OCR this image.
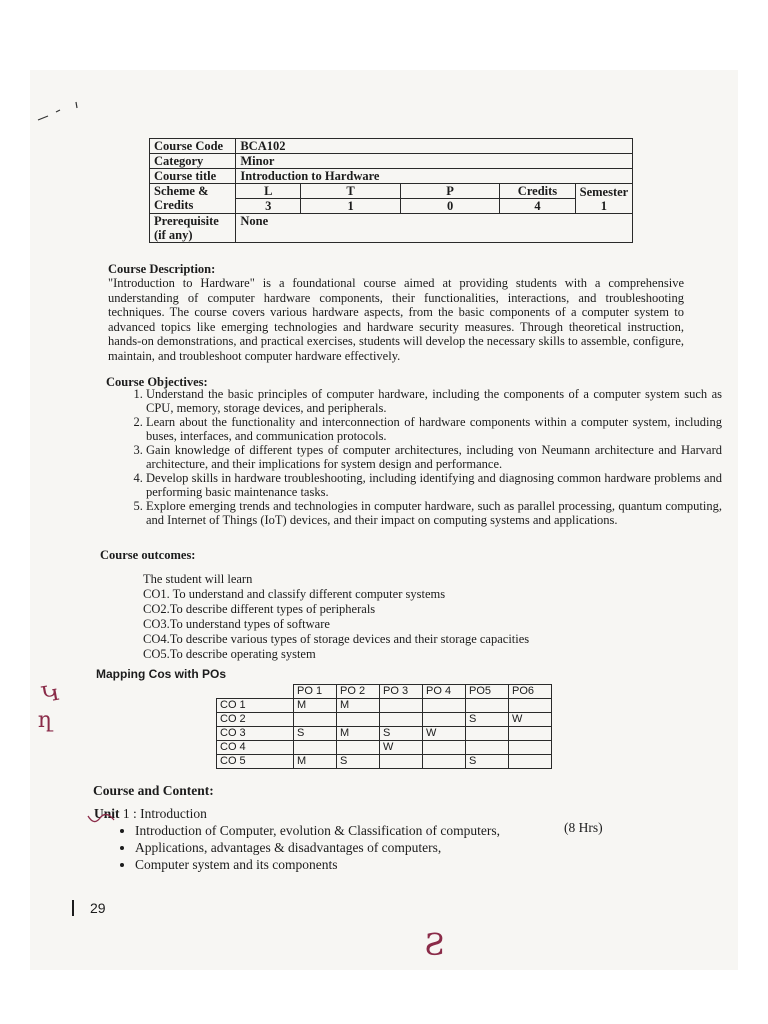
Course Code	BCA102				
Category	Minor				
Course title	Introduction to Hardware				

Scheme &
Credits	L	T	P	Credits	Semester 1
	3	1	0	4	

Prerequisite
(if any)	None				
Course Description:
"Introduction to Hardware" is a foundational course aimed at providing students with a comprehensive understanding of computer hardware components, their functionalities, interactions, and troubleshooting techniques. The course covers various hardware aspects, from the basic components of a computer system to advanced topics like emerging technologies and hardware security measures. Through theoretical instruction, hands-on demonstrations, and practical exercises, students will develop the necessary skills to assemble, configure, maintain, and troubleshoot computer hardware effectively.
Course Objectives:
1. Understand the basic principles of computer hardware, including the components of a computer system such as CPU, memory, storage devices, and peripherals.
2. Learn about the functionality and interconnection of hardware components within a computer system, including buses, interfaces, and communication protocols.
3. Gain knowledge of different types of computer architectures, including von Neumann architecture and Harvard architecture, and their implications for system design and performance.
4. Develop skills in hardware troubleshooting, including identifying and diagnosing common hardware problems and performing basic maintenance tasks.
5. Explore emerging trends and technologies in computer hardware, such as parallel processing, quantum computing, and Internet of Things (IoT) devices, and their impact on computing systems and applications.
Course outcomes:
The student will learn
CO1. To understand and classify different computer systems
CO2.To describe different types of peripherals
CO3.To understand types of software
CO4.To describe various types of storage devices and their storage capacities
CO5.To describe operating system
Mapping Cos with POs
	PO 1	PO 2	PO 3	PO 4	PO5	PO6
CO 1	M	M				
CO 2					S	W
CO 3	S	M	S	W		
CO 4			W			
CO 5	M	S			S	
Course and Content:
Unit 1 : Introduction
(8 Hrs)
• Introduction of Computer, evolution & Classification of computers,
• Applications, advantages & disadvantages of computers,
• Computer system and its components
29
Կ
ղ
Ƨ
